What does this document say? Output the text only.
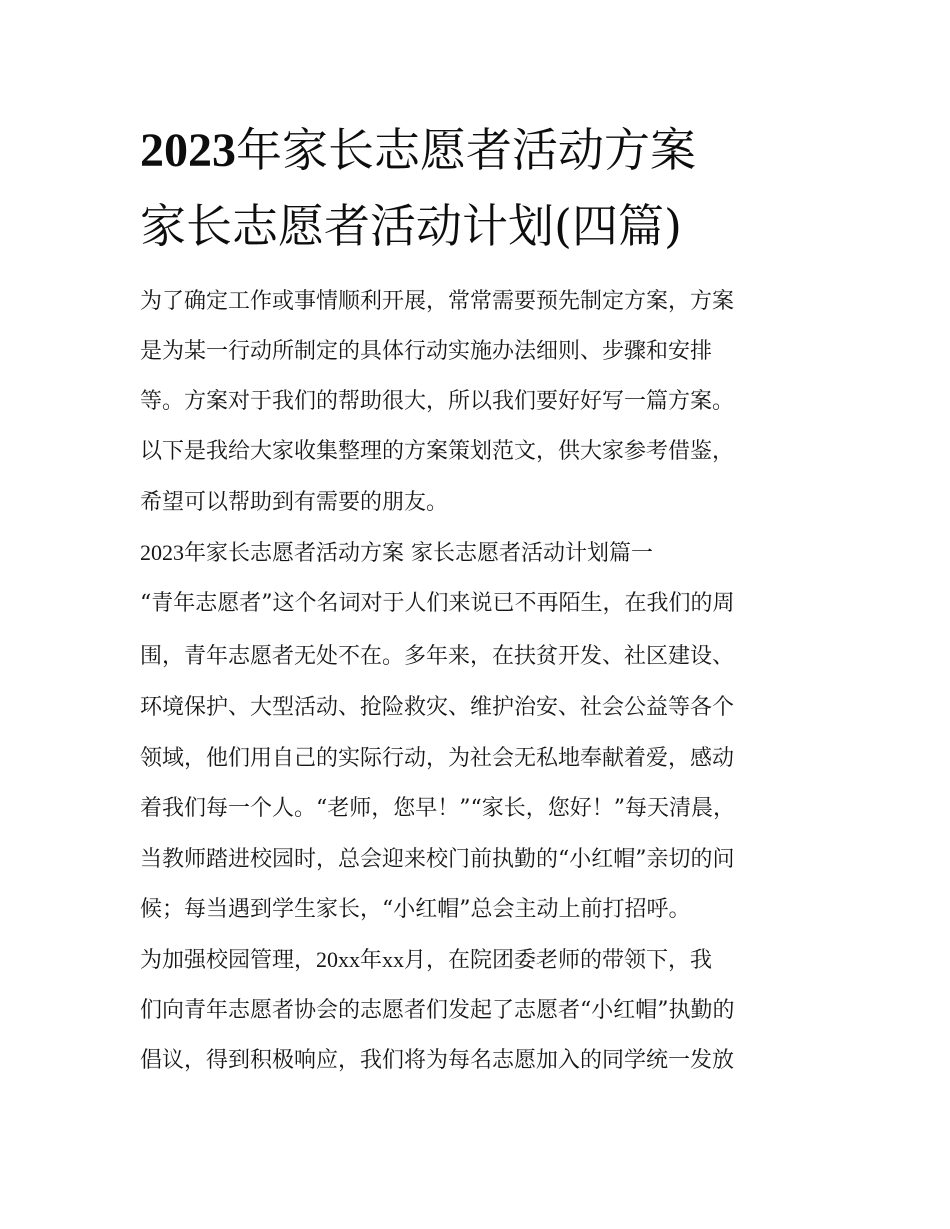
2023年家长志愿者活动方案
家长志愿者活动计划(四篇)
为了确定工作或事情顺利开展，常常需要预先制定方案，方案
是为某一行动所制定的具体行动实施办法细则、步骤和安排
等。方案对于我们的帮助很大，所以我们要好好写一篇方案。
以下是我给大家收集整理的方案策划范文，供大家参考借鉴，
希望可以帮助到有需要的朋友。
2023年家长志愿者活动方案 家长志愿者活动计划篇一
“青年志愿者”这个名词对于人们来说已不再陌生，在我们的周
围，青年志愿者无处不在。多年来，在扶贫开发、社区建设、
环境保护、大型活动、抢险救灾、维护治安、社会公益等各个
领域，他们用自己的实际行动，为社会无私地奉献着爱，感动
着我们每一个人。“老师，您早！”“家长，您好！”每天清晨，
当教师踏进校园时，总会迎来校门前执勤的“小红帽”亲切的问
候；每当遇到学生家长，“小红帽”总会主动上前打招呼。
为加强校园管理，20xx年xx月，在院团委老师的带领下，我
们向青年志愿者协会的志愿者们发起了志愿者“小红帽”执勤的
倡议，得到积极响应，我们将为每名志愿加入的同学统一发放
